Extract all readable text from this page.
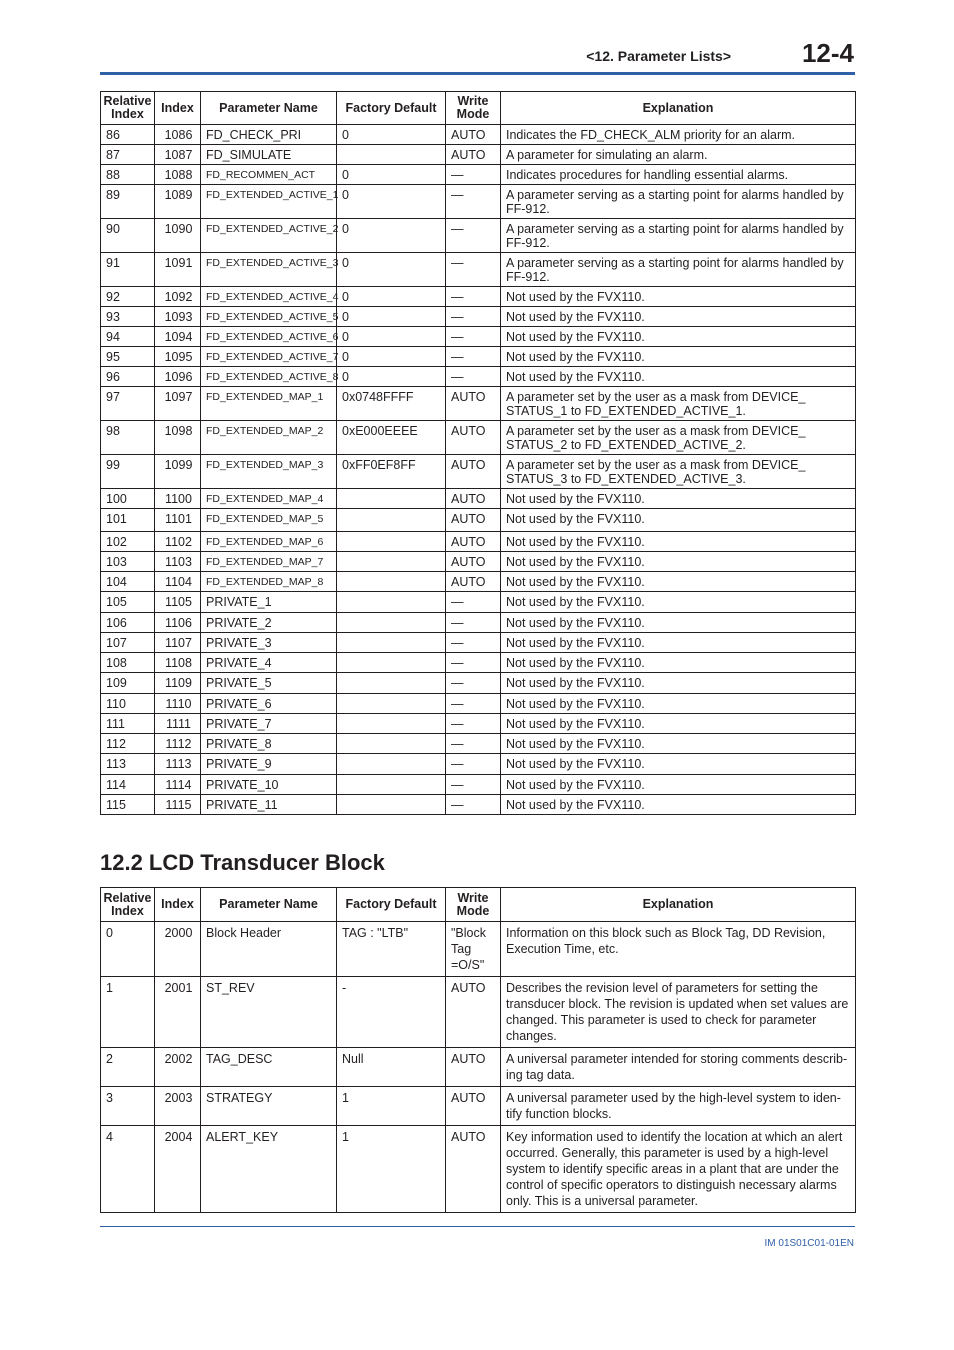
<12. Parameter Lists>	12-4
Relative Index	Index	Parameter Name	Factory Default	Write Mode	Explanation
86	1086	FD_CHECK_PRI	0	AUTO	Indicates the FD_CHECK_ALM priority for an alarm.
87	1087	FD_SIMULATE		AUTO	A parameter for simulating an alarm.
88	1088	FD_RECOMMEN_ACT	0	—	Indicates procedures for handling essential alarms.
89	1089	FD_EXTENDED_ACTIVE_1	0	—	A parameter serving as a starting point for alarms handled by FF-912.
90	1090	FD_EXTENDED_ACTIVE_2	0	—	A parameter serving as a starting point for alarms handled by FF-912.
91	1091	FD_EXTENDED_ACTIVE_3	0	—	A parameter serving as a starting point for alarms handled by FF-912.
92	1092	FD_EXTENDED_ACTIVE_4	0	—	Not used by the FVX110.
93	1093	FD_EXTENDED_ACTIVE_5	0	—	Not used by the FVX110.
94	1094	FD_EXTENDED_ACTIVE_6	0	—	Not used by the FVX110.
95	1095	FD_EXTENDED_ACTIVE_7	0	—	Not used by the FVX110.
96	1096	FD_EXTENDED_ACTIVE_8	0	—	Not used by the FVX110.
97	1097	FD_EXTENDED_MAP_1	0x0748FFFF	AUTO	A parameter set by the user as a mask from DEVICE_ STATUS_1 to FD_EXTENDED_ACTIVE_1.
98	1098	FD_EXTENDED_MAP_2	0xE000EEEE	AUTO	A parameter set by the user as a mask from DEVICE_ STATUS_2 to FD_EXTENDED_ACTIVE_2.
99	1099	FD_EXTENDED_MAP_3	0xFF0EF8FF	AUTO	A parameter set by the user as a mask from DEVICE_ STATUS_3 to FD_EXTENDED_ACTIVE_3.
100	1100	FD_EXTENDED_MAP_4		AUTO	Not used by the FVX110.
101	1101	FD_EXTENDED_MAP_5		AUTO	Not used by the FVX110.
102	1102	FD_EXTENDED_MAP_6		AUTO	Not used by the FVX110.
103	1103	FD_EXTENDED_MAP_7		AUTO	Not used by the FVX110.
104	1104	FD_EXTENDED_MAP_8		AUTO	Not used by the FVX110.
105	1105	PRIVATE_1		—	Not used by the FVX110.
106	1106	PRIVATE_2		—	Not used by the FVX110.
107	1107	PRIVATE_3		—	Not used by the FVX110.
108	1108	PRIVATE_4		—	Not used by the FVX110.
109	1109	PRIVATE_5		—	Not used by the FVX110.
110	1110	PRIVATE_6		—	Not used by the FVX110.
111	1111	PRIVATE_7		—	Not used by the FVX110.
112	1112	PRIVATE_8		—	Not used by the FVX110.
113	1113	PRIVATE_9		—	Not used by the FVX110.
114	1114	PRIVATE_10		—	Not used by the FVX110.
115	1115	PRIVATE_11		—	Not used by the FVX110.
12.2 LCD Transducer Block
Relative Index	Index	Parameter Name	Factory Default	Write Mode	Explanation
0	2000	Block Header	TAG : "LTB"	"Block Tag =O/S"	Information on this block such as Block Tag, DD Revision, Execution Time, etc.
1	2001	ST_REV	-	AUTO	Describes the revision level of parameters for setting the transducer block. The revision is updated when set values are changed. This parameter is used to check for parameter changes.
2	2002	TAG_DESC	Null	AUTO	A universal parameter intended for storing comments describ-ing tag data.
3	2003	STRATEGY	1	AUTO	A universal parameter used by the high-level system to iden-tify function blocks.
4	2004	ALERT_KEY	1	AUTO	Key information used to identify the location at which an alert occurred. Generally, this parameter is used by a high-level system to identify specific areas in a plant that are under the control of specific operators to distinguish necessary alarms only. This is a universal parameter.
IM 01S01C01-01EN
